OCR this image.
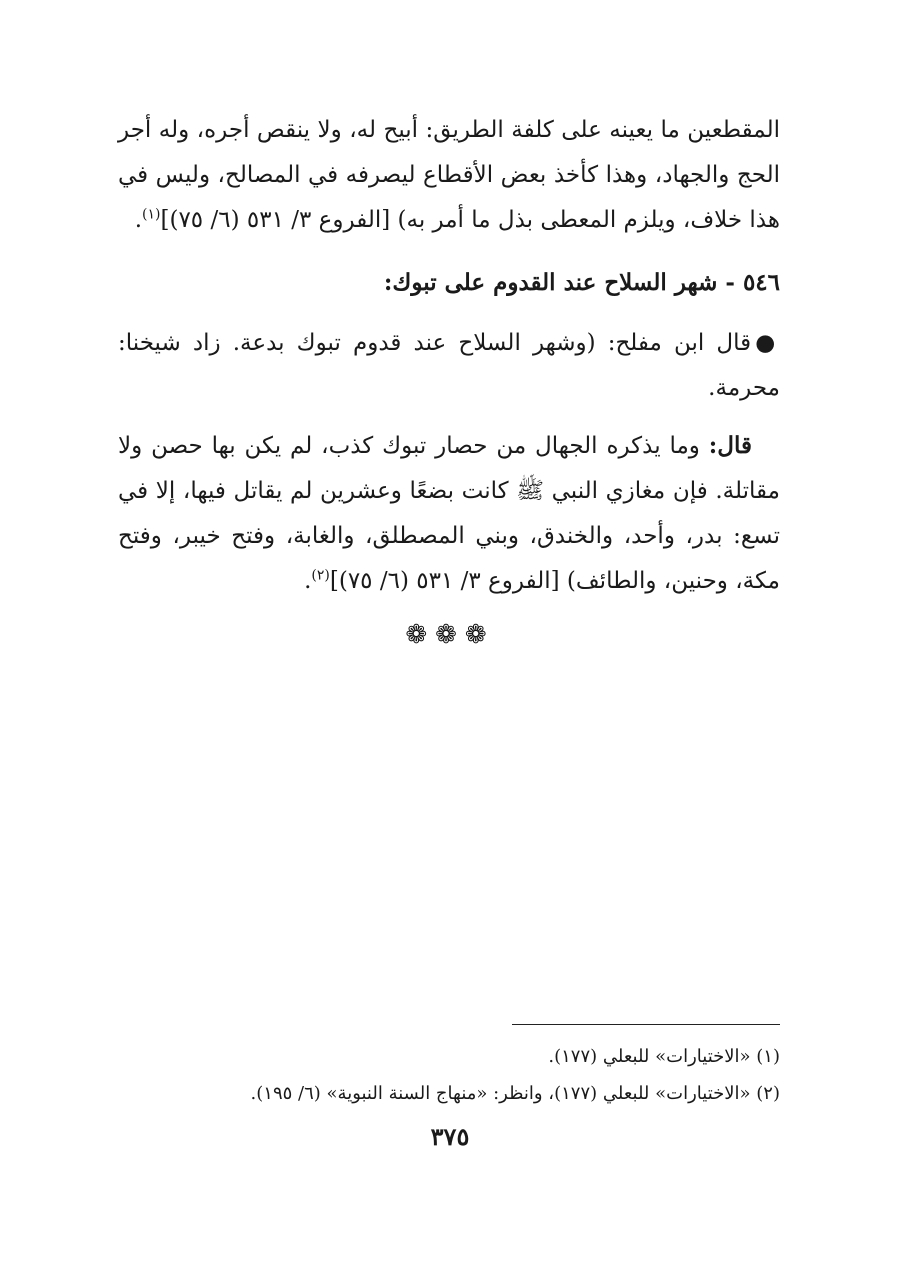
المقطعين ما يعينه على كلفة الطريق: أبيح له، ولا ينقص أجره، وله أجر الحج والجهاد، وهذا كأخذ بعض الأقطاع ليصرفه في المصالح، وليس في هذا خلاف، ويلزم المعطى بذل ما أمر به) [الفروع ٣/ ٥٣١ (٦/ ٧٥)]$^{(١)}$.

٥٤٦ - شهر السلاح عند القدوم على تبوك:

●قال ابن مفلح: (وشهر السلاح عند قدوم تبوك بدعة. زاد شيخنا: محرمة.

قال: وما يذكره الجهال من حصار تبوك كذب، لم يكن بها حصن ولا مقاتلة. فإن مغازي النبي ﷺ كانت بضعًا وعشرين لم يقاتل فيها، إلا في تسع: بدر، وأحد، والخندق، وبني المصطلق، والغابة، وفتح خيبر، وفتح مكة، وحنين، والطائف) [الفروع ٣/ ٥٣١ (٦/ ٧٥)]$^{(٢)}$.

❁❁❁
(١) «الاختيارات» للبعلي (١٧٧).
(٢) «الاختيارات» للبعلي (١٧٧)، وانظر: «منهاج السنة النبوية» (٦/ ١٩٥).
٣٧٥
